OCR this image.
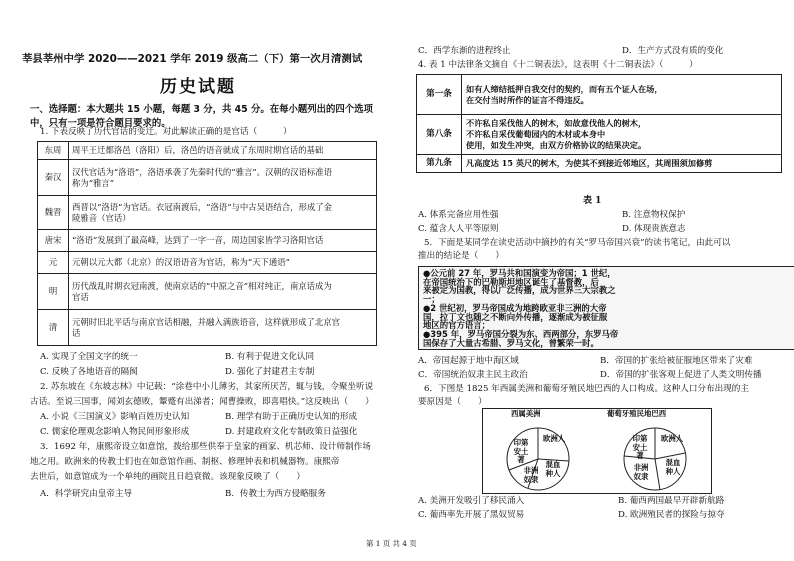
莘县莘州中学 2020——2021 学年 2019 级高二（下）第一次月清测试
历史试题
一、选择题：本大题共 15 小题，每题 3 分，共 45 分。在每小题列出的四个选项
中，只有一项是符合题目要求的。
1. 下表反映了历代官话的变迁。对此解读正确的是官话（　　　）
东周	周平王迁都洛邑（洛阳）后，洛邑的语音就成了东周时期官话的基础
秦汉	汉代官话为“洛语”，洛语承袭了先秦时代的“雅言”。汉朝的汉语标准语
称为“雅言”
魏晋	西晋以“洛语”为官话。衣冠南渡后，“洛语”与中古吴语结合，形成了金
陵雅音（官话）
唐宋	“洛语”发展到了最高峰，达到了一字一音，周边国家皆学习洛阳官话
元	元朝以元大都（北京）的汉语语音为官话，称为“天下通语”
明	历代战乱时期衣冠南渡，使南京话的“中原之音”相对纯正，南京话成为
官话
清	元朝时旧北平话与南京官话相融，并融入满族语音，这样就形成了北京官
话
A. 实现了全国文字的统一	B. 有利于促进文化认同
C. 反映了各地语音的隔阂	D. 强化了封建君主专制
2. 苏东坡在《东坡志林》中记载：“涂巷中小儿薄劣，其家所厌苦，辄与钱，令聚坐听说
古话。至说三国事，闻刘玄德败，颦蹙有出涕者；闻曹操败，即喜唱快。”这反映出（　　）
A. 小说《三国演义》影响百姓历史认知	B. 理学有助于正确历史认知的形成
C. 儒家伦理观念影响人物民间形象形成	D. 封建政府文化专制政策日益强化
3．1692 年，康熙帝设立如意馆，拨给那些供奉于皇家的画家、机芯师、设计师制作场
地之用。欧洲来的传教士们也在如意馆作画、制枢、修理钟表和机械器物。康熙帝
去世后，如意馆成为一个单纯的画院且日趋衰微。该现象反映了（　　）
A．科学研究由皇帝主导	B．传教士为西方侵略服务
C．西学东渐的进程终止	D．生产方式没有质的变化
4. 表 1 中法律条文摘自《十二铜表法》，这表明《十二铜表法》（　　　）
第一条	如有人缔结抵押自我交付的契约，而有五个证人在场，
在交付当时所作的证言不得违反。
第八条	不许私自采伐他人的树木，如故意伐他人的树木，
不许私自采伐葡萄园内的木材或本身中
使用，如发生冲突，由双方价格协议的结果决定。
第九条	凡高度达 15 英尺的树木，为使其不到接近邻地区，其周围须加修剪
表 1
A. 体系完备应用性强	B. 注意物权保护
C. 蕴含人人平等原则	D. 体现贵族意志
5．下面是某同学在读史活动中摘抄的有关“罗马帝国兴衰”的读书笔记，由此可以
推出的结论是（　　）
●公元前 27 年，罗马共和国演变为帝国；1 世纪，
在帝国统治下的巴勒斯坦地区诞生了基督教，后
来被定为国教，得以广泛传播，成为世界三大宗教之
一；
●2 世纪初，罗马帝国成为地跨欧亚非三洲的大帝
国，拉丁文也随之不断向外传播，逐渐成为被征服
地区的官方语言；
●395 年，罗马帝国分裂为东、西两部分，东罗马帝
国保存了大量古希腊、罗马文化，曾繁荣一时。
A．帝国起源于地中海区域	B．帝国的扩张给被征服地区带来了灾难
C．帝国统治奴隶主民主政治	D．帝国的扩张客观上促进了人类文明传播
6．下图是 1825 年西属美洲和葡萄牙殖民地巴西的人口构成。这种人口分布出现的主
要原因是（　　）
西属美洲	葡萄牙殖民地巴西
印第安土著
欧洲人
混血种人
非洲奴隶
印第安土著
欧洲人
非洲奴隶
混血种人
A. 美洲开发吸引了移民涌入	B. 葡西两国最早开辟新航路
C. 葡西率先开展了黑奴贸易	D. 欧洲殖民者的探险与掠夺
第 1 页 共 4 页
